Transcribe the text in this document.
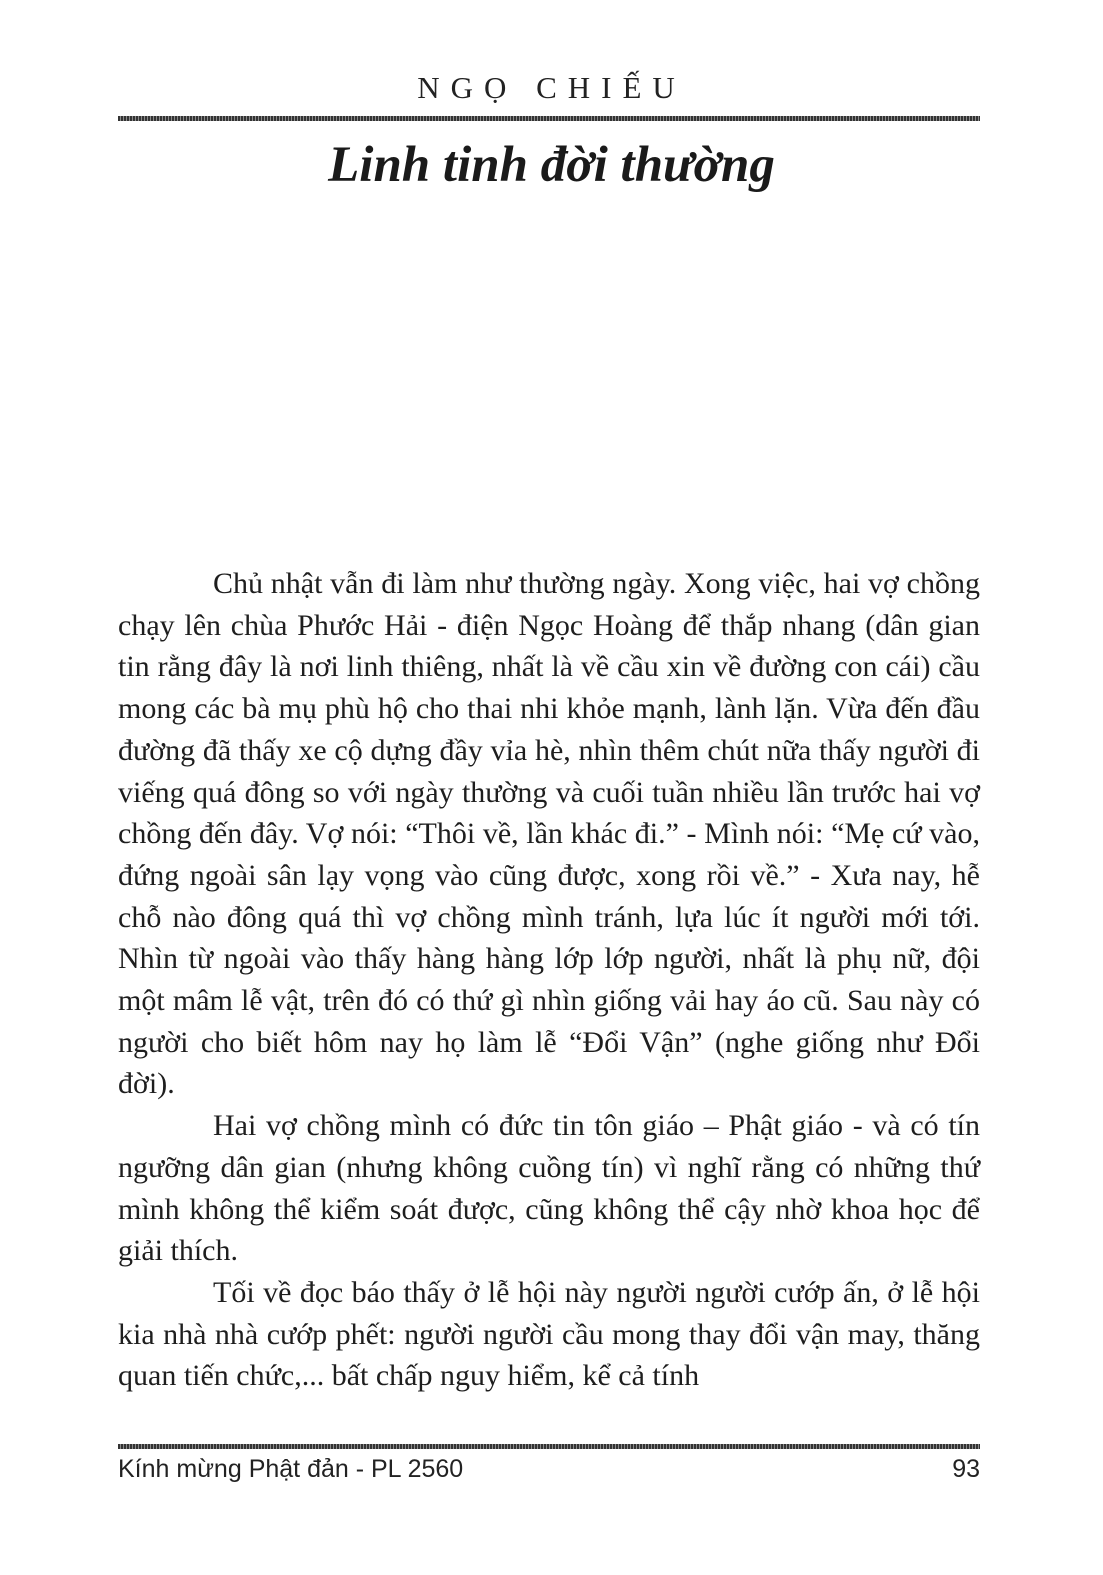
NGỌ CHIẾU
Linh tinh đời thường

Chủ nhật vẫn đi làm như thường ngày. Xong việc, hai vợ chồng chạy lên chùa Phước Hải - điện Ngọc Hoàng để thắp nhang (dân gian tin rằng đây là nơi linh thiêng, nhất là về cầu xin về đường con cái) cầu mong các bà mụ phù hộ cho thai nhi khỏe mạnh, lành lặn. Vừa đến đầu đường đã thấy xe cộ dựng đầy vỉa hè, nhìn thêm chút nữa thấy người đi viếng quá đông so với ngày thường và cuối tuần nhiều lần trước hai vợ chồng đến đây. Vợ nói: “Thôi về, lần khác đi.” - Mình nói: “Mẹ cứ vào, đứng ngoài sân lạy vọng vào cũng được, xong rồi về.” - Xưa nay, hễ chỗ nào đông quá thì vợ chồng mình tránh, lựa lúc ít người mới tới. Nhìn từ ngoài vào thấy hàng hàng lớp lớp người, nhất là phụ nữ, đội một mâm lễ vật, trên đó có thứ gì nhìn giống vải hay áo cũ. Sau này có người cho biết hôm nay họ làm lễ “Đổi Vận” (nghe giống như Đổi đời).

Hai vợ chồng mình có đức tin tôn giáo – Phật giáo - và có tín ngưỡng dân gian (nhưng không cuồng tín) vì nghĩ rằng có những thứ mình không thể kiểm soát được, cũng không thể cậy nhờ khoa học để giải thích.

Tối về đọc báo thấy ở lễ hội này người người cướp ấn, ở lễ hội kia nhà nhà cướp phết: người người cầu mong thay đổi vận may, thăng quan tiến chức,... bất chấp nguy hiểm, kể cả tính

Kính mừng Phật đản - PL 2560	93
